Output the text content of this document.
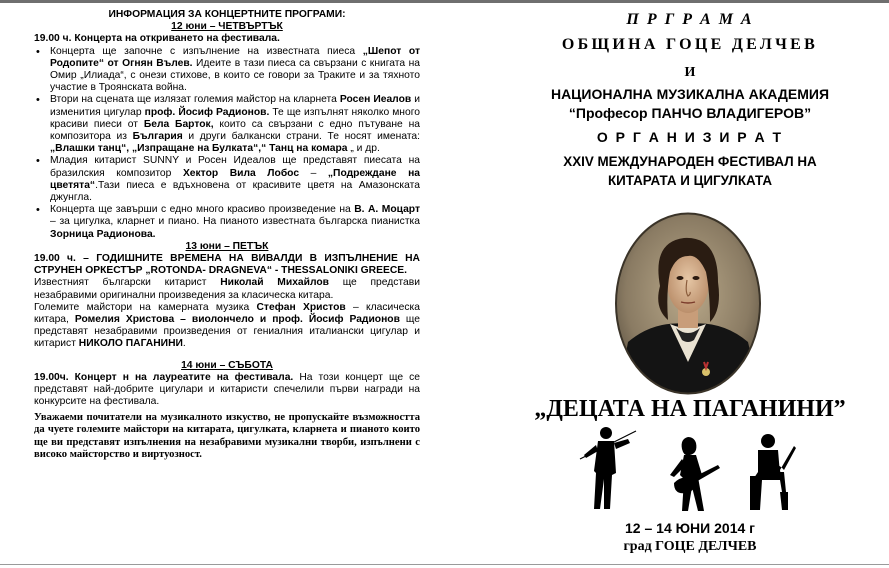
ИНФОРМАЦИЯ ЗА КОНЦЕРТНИТЕ ПРОГРАМИ:

12 юни – ЧЕТВЪРТЪК

19.00 ч. Концерта на откриването на фестивала.

• Концерта ще започне с изпълнение на известната пиеса „Шепот от Родопите“ от Огнян Вълев. Идеите в тази пиеса са свързани с книгата на Омир „Илиада“, с онези стихове, в които се говори за Траките и за тяхното участие в Троянската война.
• Втори на сцената ще излязат големия майстор на кларнета Росен Иеалов и изменития цигулар проф. Йосиф Радионов. Те ще изпълнят няколко много красиви пиеси от Бела Барток, които са свързани с едно пътуване на композитора из България и други балкански страни. Те носят имената: „Влашки танц“, „Изпращане на Булката“,“ Танц на комара „ и др.
• Младия китарист SUNNY и Росен Идеалов ще представят пиесата на бразилския композитор Хектор Вила Лобос – „Подреждане на цветята“.Тази пиеса е вдъхновена от красивите цветя на Амазонската джунгла.
• Концерта ще завърши с едно много красиво произведение на В. А. Моцарт – за цигулка, кларнет и пиано. На пианото известната българска пианистка Зорница Радионова.

13 юни – ПЕТЪК

19.00 ч. – ГОДИШНИТЕ ВРЕМЕНА НА ВИВАЛДИ В ИЗПЪЛНЕНИЕ НА СТРУНЕН ОРКЕСТЪР „ROTONDA- DRAGNEVA“ - THESSALONIKI GREECE.

Известният български китарист Николай Михайлов ще представи незабравими оригинални произведения за класическа китара.

Големите майстори на камерната музика Стефан Христов – класическа китара, Ромелия Христова – виолончело и проф. Йосиф Радионов ще представят незабравими произведения от гениалния италиански цигулар и китарист НИКОЛО ПАГАНИНИ.

14 юни – СЪБОТА

19.00ч. Концерт н на лауреатите на фестивала. На този концерт ще се представят най-добрите цигулари и китаристи спечелили първи награди на конкурсите на фестивала.

Уважаеми почитатели на музикалното изкуство, не пропускайте възможността да чуете големите майстори на китарата, цигулката, кларнета и пианото които ще ви представят изпълнения на незабравими музикални творби, изпълнени с високо майсторство и виртуозност.

П Р Г Р А М А
ОБЩИНА ГОЦЕ ДЕЛЧЕВ
И
НАЦИОНАЛНА МУЗИКАЛНА АКАДЕМИЯ
“Професор ПАНЧО ВЛАДИГЕРОВ”
О Р Г А Н И З И Р А Т
XXIV МЕЖДУНАРОДЕН ФЕСТИВАЛ НА
КИТАРАТА И ЦИГУЛКАТА
„ДЕЦАТА НА ПАГАНИНИ”
12 – 14 ЮНИ 2014 г
град ГОЦЕ ДЕЛЧЕВ
